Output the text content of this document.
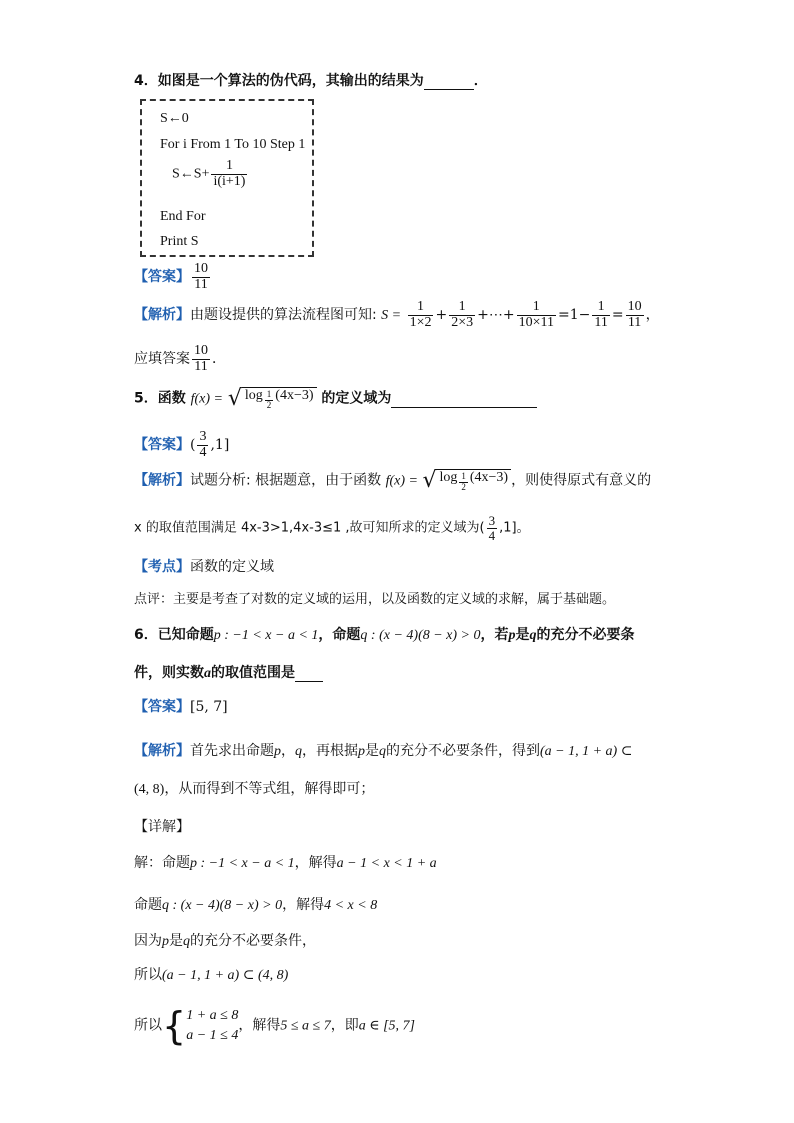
4．如图是一个算法的伪代码，其输出的结果为	．
S←0
For i From 1 To 10 Step 1
S←S+ $\frac{1}{i(i+1)}$
End For
Print S
【答案】 $\frac{10}{11}$
【解析】由题设提供的算法流程图可知: $S = \frac{1}{1\times 2} + \frac{1}{2\times 3}$ +⋯+ $\frac{1}{10\times 11} =1- \frac{1}{11} = \frac{10}{11}$ ，
应填答案 $\frac{10}{11}$ ．
5．函数 f(x) = √ log $_{\frac{1}{2}}$ (4x−3) 的定义域为
【答案】( $\frac{3}{4} ,1$]
【解析】试题分析: 根据题意，由于函数 f(x) = √ log $_{\frac{1}{2}}$ (4x−3) ，则使得原式有意义的
x 的取值范围满足 4x-3>1,4x-3≤1 ,故可知所求的定义域为( $\frac{3}{4} ,1$]。
【考点】函数的定义域
点评：主要是考查了对数的定义域的运用，以及函数的定义域的求解，属于基础题。
6．已知命题p : −1 < x − a < 1，命题q : (x − 4)(8 − x) > 0，若p是q的充分不必要条
件，则实数a的取值范围是
【答案】[5, 7]
【解析】首先求出命题p，q，再根据p是q的充分不必要条件，得到(a − 1, 1 + a) ⊂
(4, 8)，从而得到不等式组，解得即可；
【详解】
解：命题p : −1 < x − a < 1，解得a − 1 < x < 1 + a
命题q : (x − 4)(8 − x) > 0，解得4 < x < 8
因为p是q的充分不必要条件，
所以(a − 1, 1 + a) ⊂ (4, 8)
所以{ 1 + a ≤ 8
a − 1 ≤ 4
，解得5 ≤ a ≤ 7，即a ∈ [5, 7]
